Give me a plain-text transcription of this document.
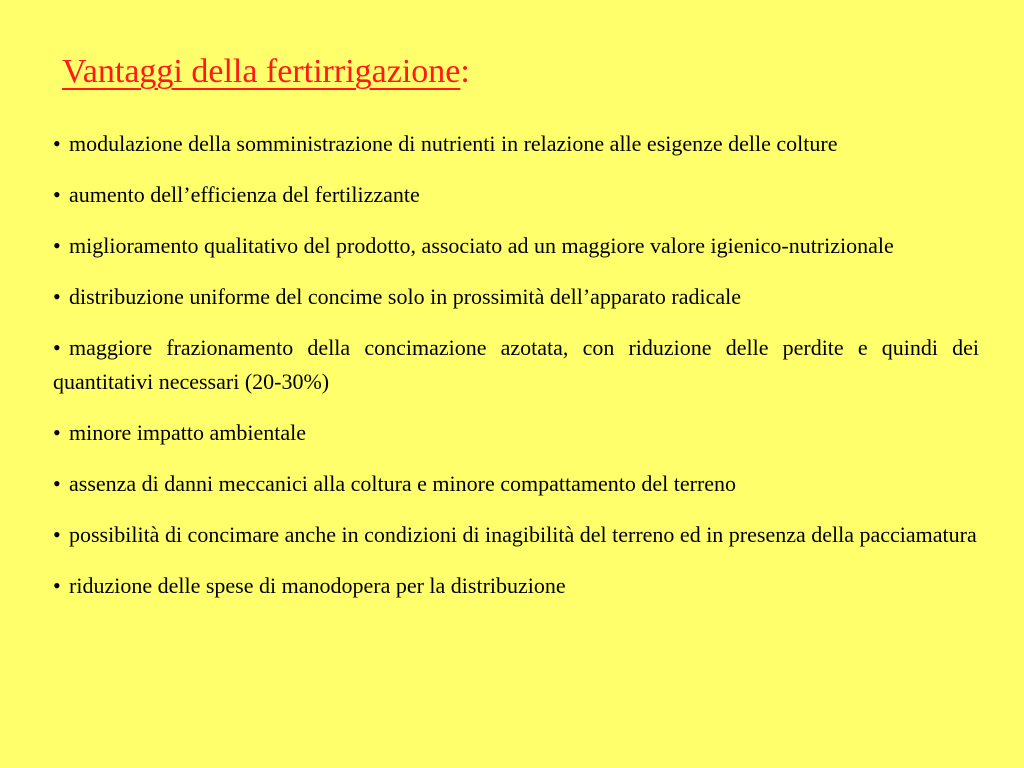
Vantaggi della fertirrigazione:
• modulazione della somministrazione di nutrienti in relazione alle esigenze delle colture
• aumento dell’efficienza del fertilizzante
• miglioramento qualitativo del prodotto, associato ad un maggiore valore igienico-nutrizionale
• distribuzione uniforme del concime solo in prossimità dell’apparato radicale
• maggiore frazionamento della concimazione azotata, con riduzione delle perdite e quindi dei quantitativi necessari (20-30%)
• minore impatto ambientale
• assenza di danni meccanici alla coltura e minore compattamento del terreno
• possibilità di concimare anche in condizioni di inagibilità del terreno ed in presenza della pacciamatura
• riduzione delle spese di manodopera per la distribuzione
